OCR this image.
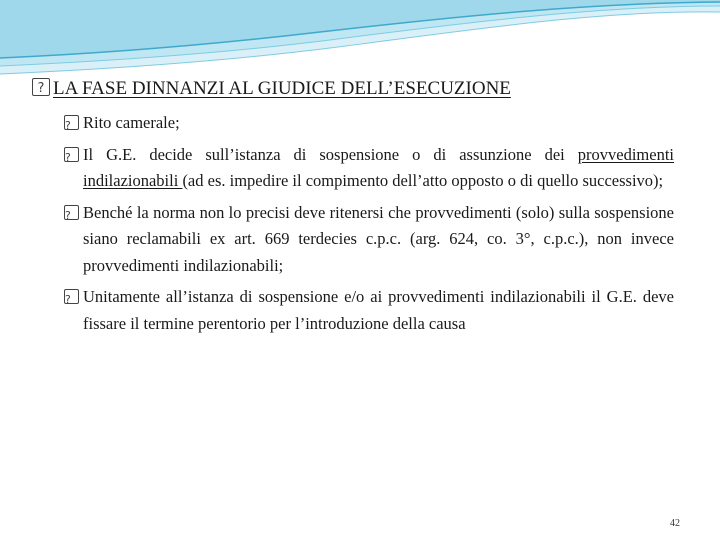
?LA FASE DINNANZI AL GIUDICE DELL’ESECUZIONE
?
Rito camerale;
?
Il G.E. decide sull’istanza di sospensione o di assunzione dei provvedimenti indilazionabili (ad es. impedire il compimento dell’atto opposto o di quello successivo);
?
Benché la norma non lo precisi deve ritenersi che provvedimenti (solo) sulla sospensione siano reclamabili ex art. 669 terdecies c.p.c. (arg. 624, co. 3°, c.p.c.), non invece provvedimenti indilazionabili;
?
Unitamente all’istanza di sospensione e/o ai provvedimenti indilazionabili il G.E. deve fissare il termine perentorio per l’introduzione della causa
42
